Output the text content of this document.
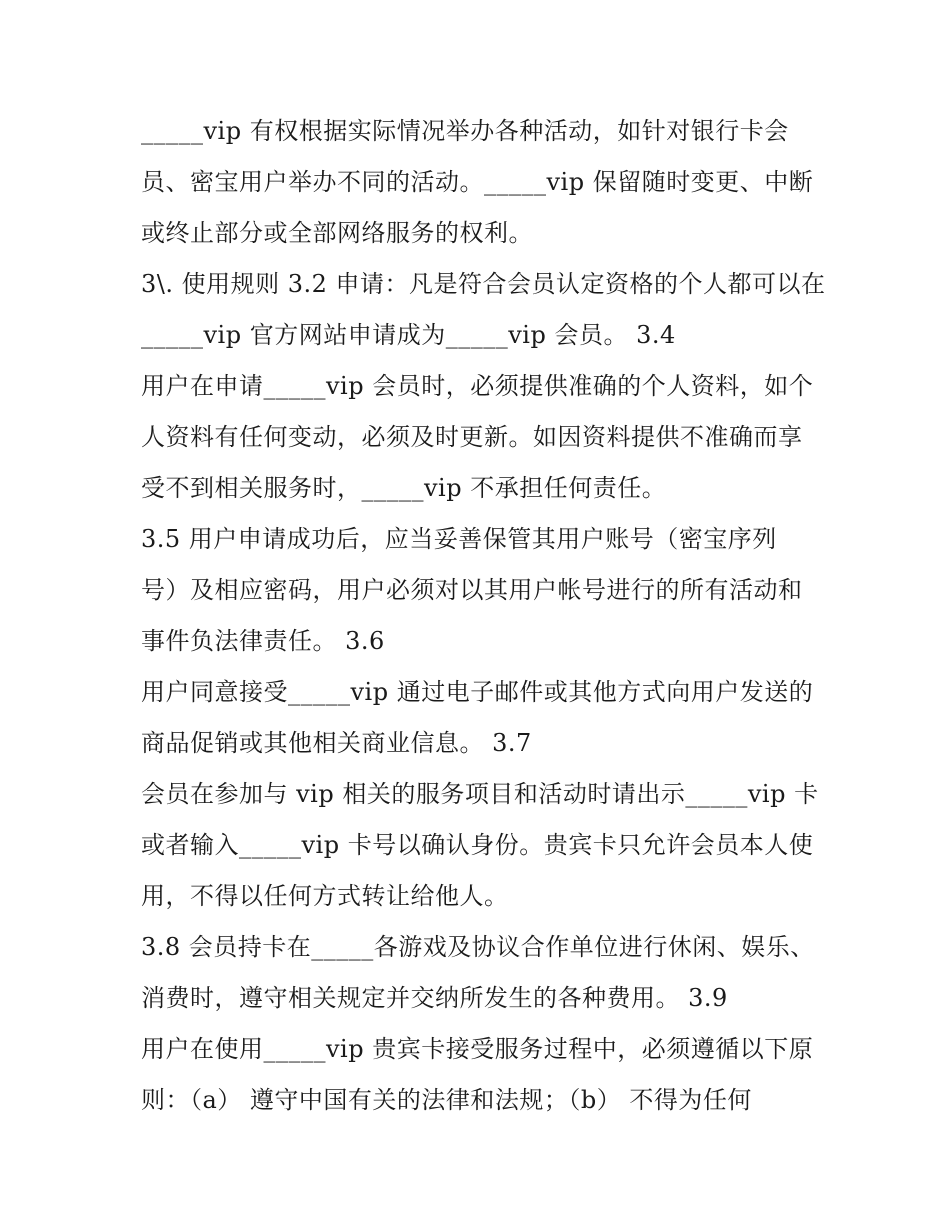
_____vip 有权根据实际情况举办各种活动，如针对银行卡会
员、密宝用户举办不同的活动。_____vip 保留随时变更、中断
或终止部分或全部网络服务的权利。
3\. 使用规则 3.2 申请：凡是符合会员认定资格的个人都可以在
_____vip 官方网站申请成为_____vip 会员。 3.4
用户在申请_____vip 会员时，必须提供准确的个人资料，如个
人资料有任何变动，必须及时更新。如因资料提供不准确而享
受不到相关服务时，_____vip 不承担任何责任。
3.5 用户申请成功后，应当妥善保管其用户账号（密宝序列
号）及相应密码，用户必须对以其用户帐号进行的所有活动和
事件负法律责任。 3.6
用户同意接受_____vip 通过电子邮件或其他方式向用户发送的
商品促销或其他相关商业信息。 3.7
会员在参加与 vip 相关的服务项目和活动时请出示_____vip 卡
或者输入_____vip 卡号以确认身份。贵宾卡只允许会员本人使
用，不得以任何方式转让给他人。
3.8 会员持卡在_____各游戏及协议合作单位进行休闲、娱乐、
消费时，遵守相关规定并交纳所发生的各种费用。 3.9
用户在使用_____vip 贵宾卡接受服务过程中，必须遵循以下原
则：（a） 遵守中国有关的法律和法规；（b） 不得为任何
